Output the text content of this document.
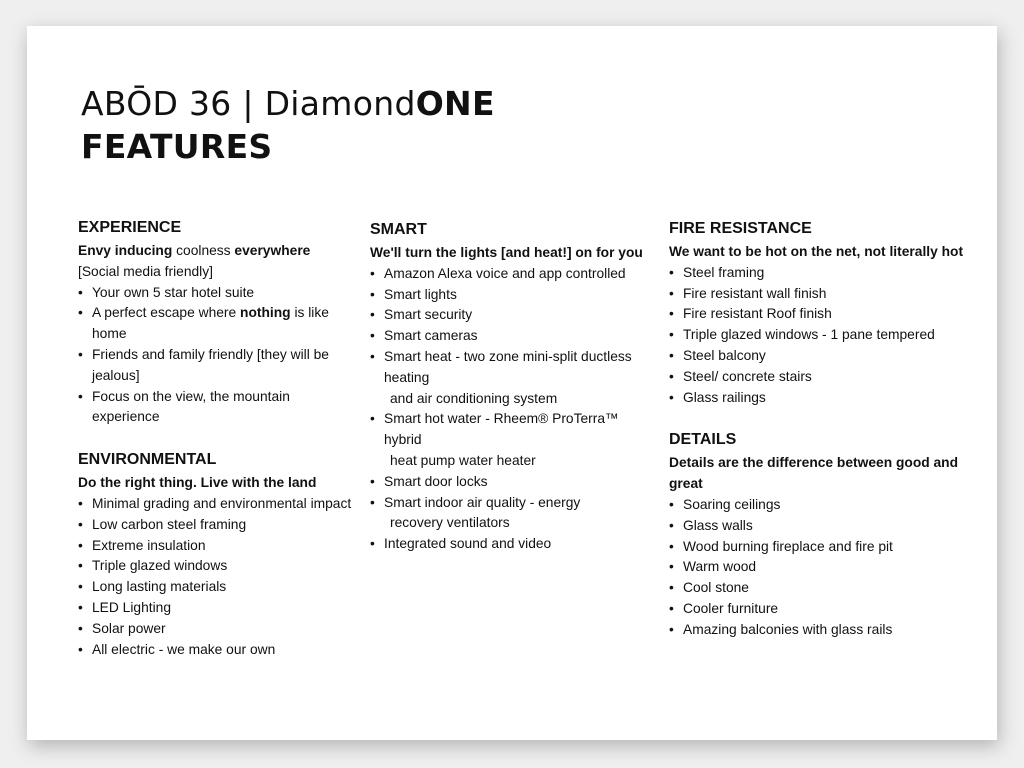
ABŌD 36 | DiamondONE
FEATURES
EXPERIENCE
Envy inducing coolness everywhere
[Social media friendly]
• Your own 5 star hotel suite
• A perfect escape where nothing is like home
• Friends and family friendly [they will be jealous]
• Focus on the view, the mountain experience
ENVIRONMENTAL
Do the right thing. Live with the land
• Minimal grading and environmental impact
• Low carbon steel framing
• Extreme insulation
• Triple glazed windows
• Long lasting materials
• LED Lighting
• Solar power
• All electric - we make our own
SMART
We'll turn the lights [and heat!] on for you
• Amazon Alexa voice and app controlled
• Smart lights
• Smart security
• Smart cameras
• Smart heat - two zone mini-split ductless heating
and air conditioning system
• Smart hot water - Rheem® ProTerra™ hybrid
heat pump water heater
• Smart door locks
• Smart indoor air quality - energy
recovery ventilators
• Integrated sound and video
FIRE RESISTANCE
We want to be hot on the net, not literally hot
• Steel framing
• Fire resistant wall finish
• Fire resistant Roof finish
• Triple glazed windows - 1 pane tempered
• Steel balcony
• Steel/ concrete stairs
• Glass railings
DETAILS
Details are the difference between good and great
• Soaring ceilings
• Glass walls
• Wood burning fireplace and fire pit
• Warm wood
• Cool stone
• Cooler furniture
• Amazing balconies with glass rails
